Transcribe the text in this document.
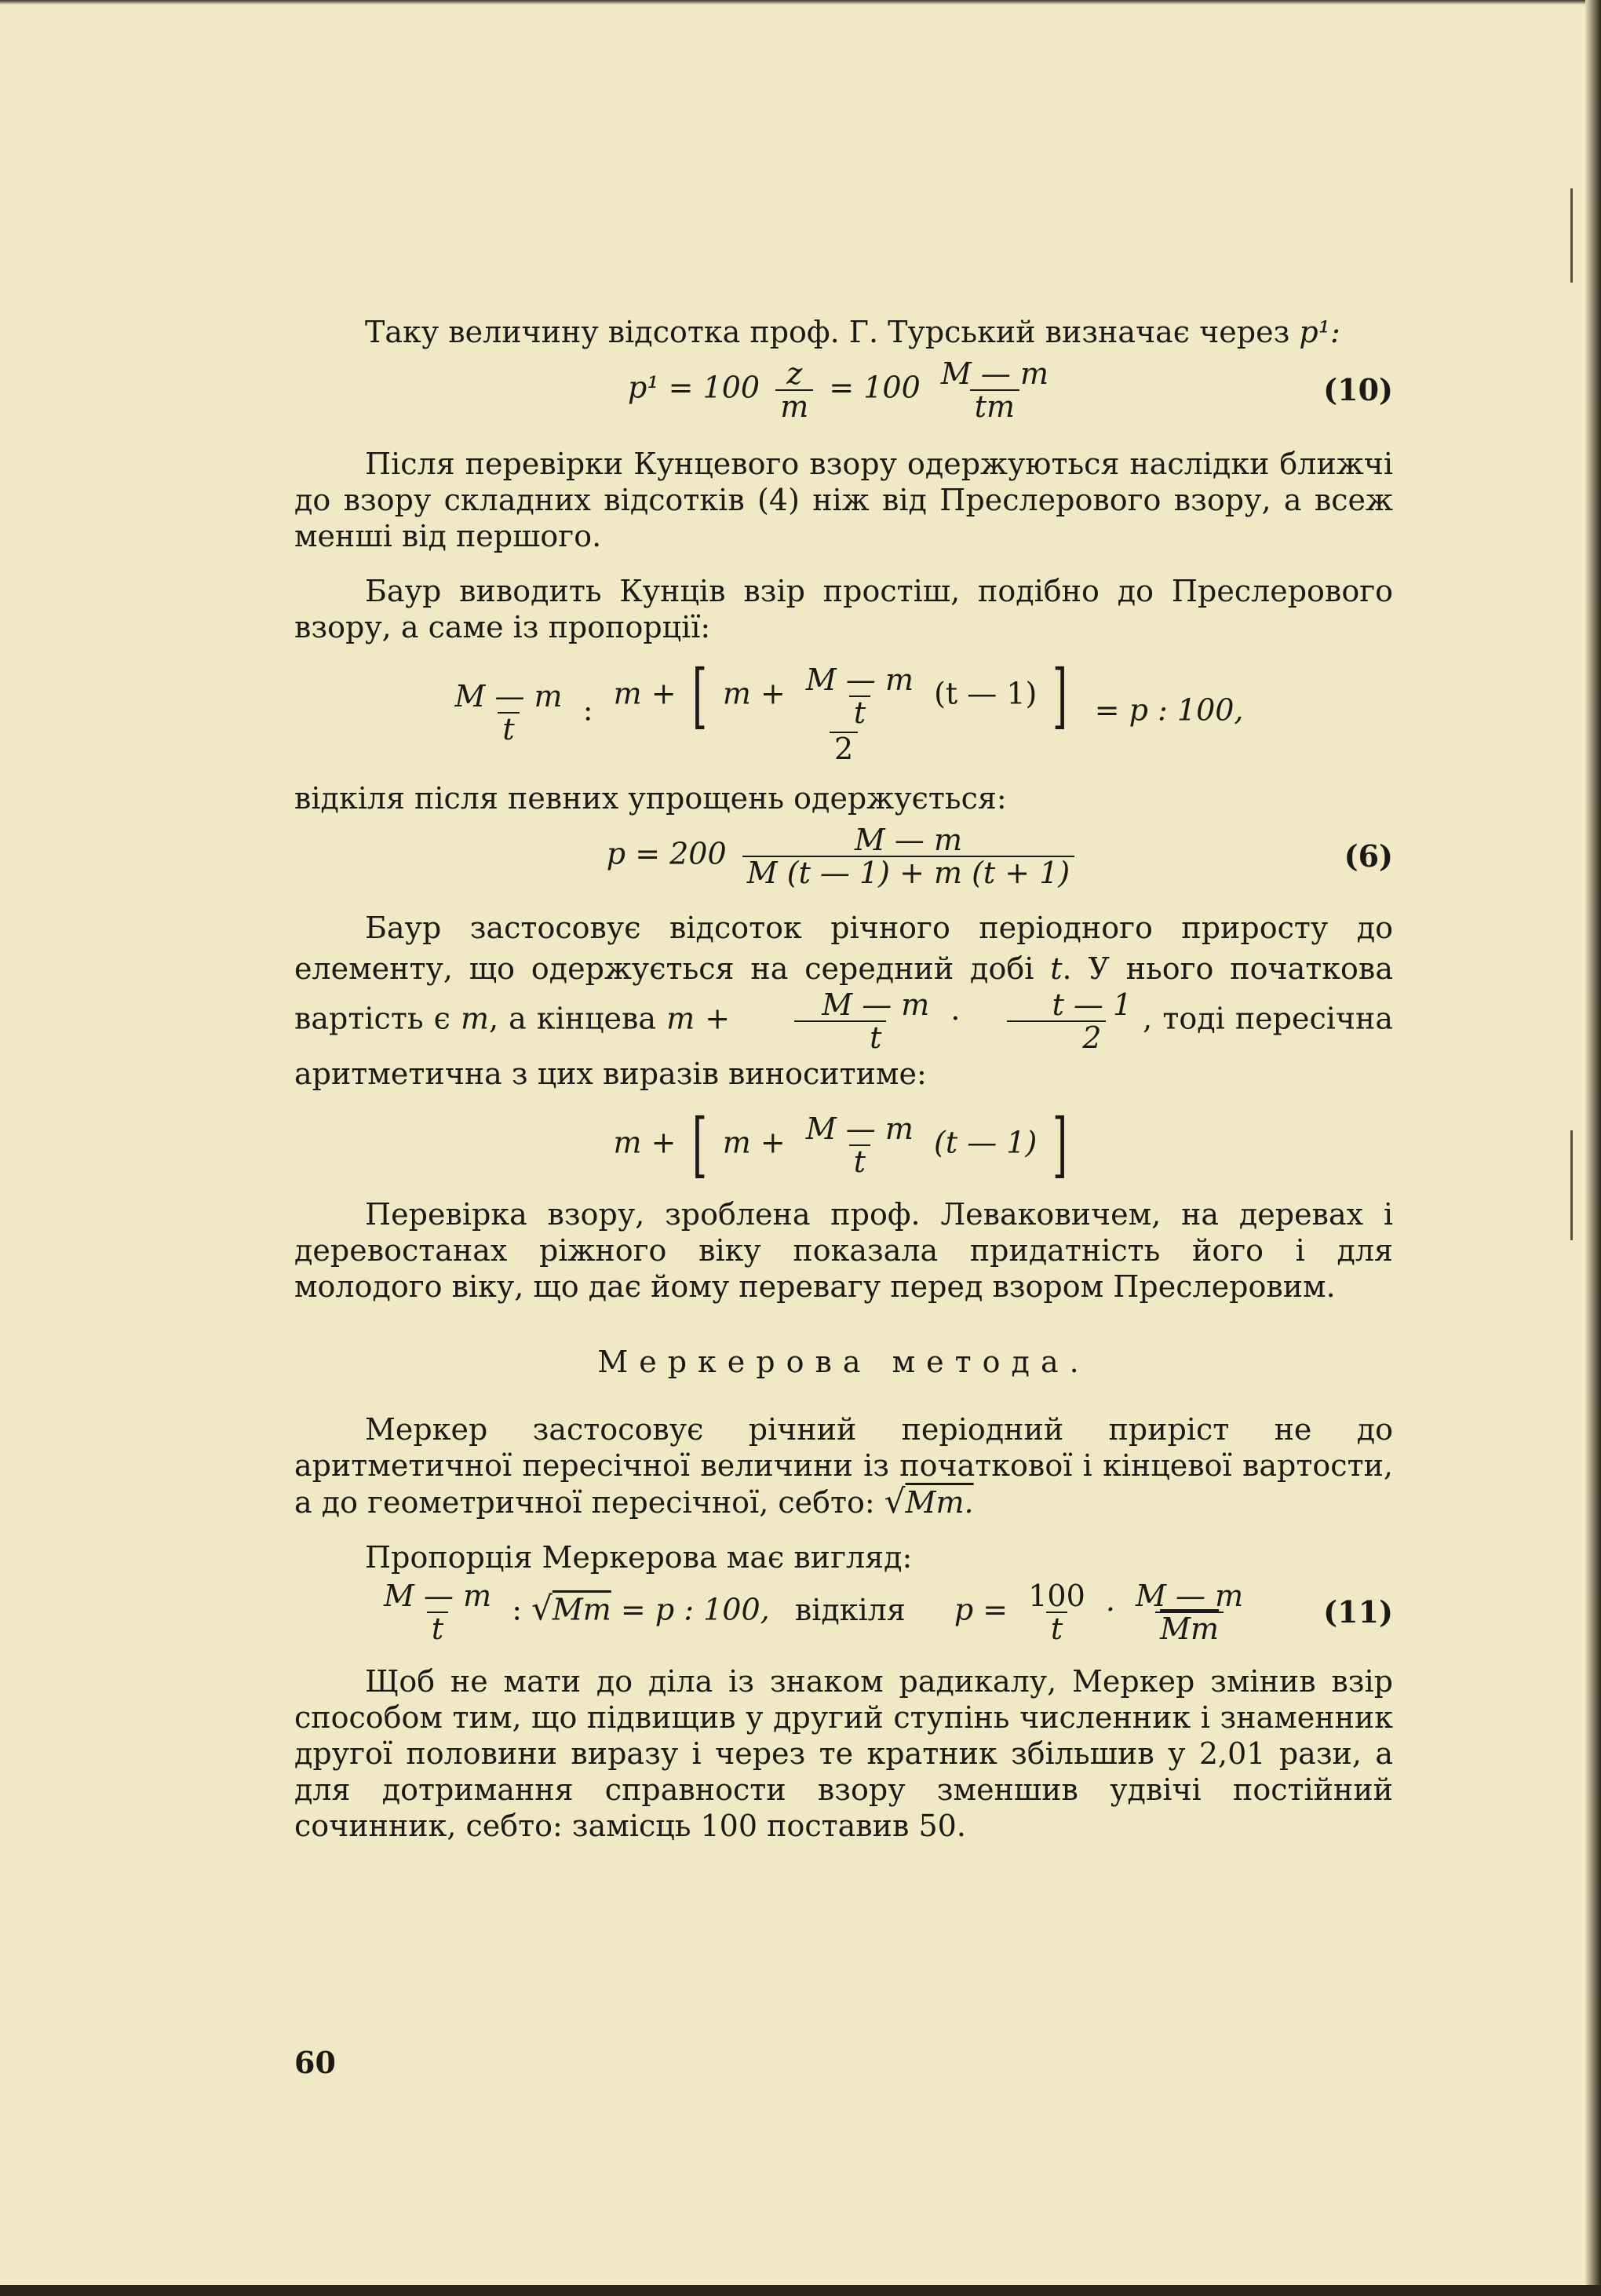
Таку величину відсотка проф. Г. Турський визначає через p¹:

$p^1 = 100 \frac{z}{m} = 100 \frac{M — m}{tm}$	(10)

Після перевірки Кунцевого взору одержуються наслідки ближчі до взору складних відсотків (4) ніж від Преслерового взору, а всеж менші від першого.

Баур виводить Кунців взір простіш, подібно до Преслерового взору, а саме із пропорції:

$\frac{M — m}{t}$ : m + [ $m + \frac{M — m}{t} (t$ — 1) ]
2
= p : 100,

відкіля після певних упрощень одержується:

$p = 200 \frac{M — m}{M (t — 1) + m (t + 1)}$	(6)

Баур застосовує відсоток річного періодного приросту до елементу, що одержується на середний добі t. У нього початкова вартість є m, а кінцева $m + \frac{M — m}{t} \cdot \frac{t — 1}{2}$ , тоді пересічна аритметична з цих виразів виноситиме:

m + [ $m + \frac{M — m}{t} (t$ — 1) ]

Перевірка взору, зроблена проф. Леваковичем, на деревах і деревостанах ріжного віку показала придатність його і для молодого віку, що дає йому перевагу перед взором Преслеровим.

Меркерова метода.

Меркер застосовує річний періодний приріст не до аритметичної пересічної величини із початкової і кінцевої вартости, а до геометричної пересічної, себто: √Mm.

Пропорція Меркерова має вигляд:

$\frac{M — m}{t}$ : √Mm = p : 100, відкіля $p = \frac{100}{t} \cdot \frac{M — m}{Mm}$	(11)

Щоб не мати до діла із знаком радикалу, Меркер змінив взір способом тим, що підвищив у другий ступінь численник і знаменник другої половини виразу і через те кратник збільшив у 2,01 рази, а для дотримання справности взору зменшив удвічі постійний сочинник, себто: замісць 100 поставив 50.

60
